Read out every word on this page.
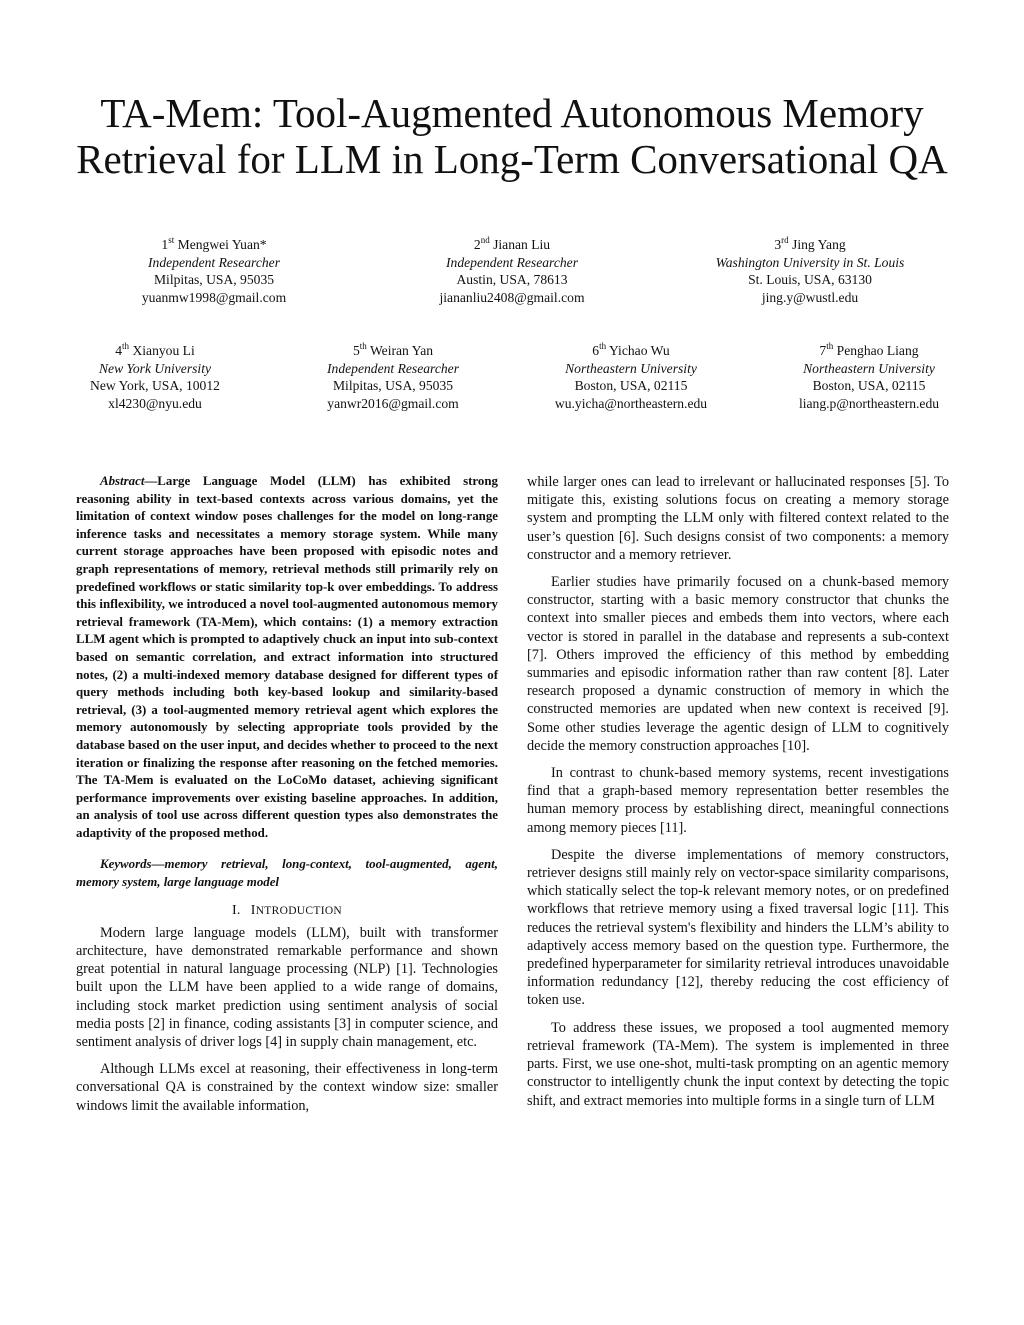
TA-Mem: Tool-Augmented Autonomous Memory
Retrieval for LLM in Long-Term Conversational QA
1st Mengwei Yuan*
Independent Researcher
Milpitas, USA, 95035
yuanmw1998@gmail.com
2nd Jianan Liu
Independent Researcher
Austin, USA, 78613
jiananliu2408@gmail.com
3rd Jing Yang
Washington University in St. Louis
St. Louis, USA, 63130
jing.y@wustl.edu
4th Xianyou Li
New York University
New York, USA, 10012
xl4230@nyu.edu
5th Weiran Yan
Independent Researcher
Milpitas, USA, 95035
yanwr2016@gmail.com
6th Yichao Wu
Northeastern University
Boston, USA, 02115
wu.yicha@northeastern.edu
7th Penghao Liang
Northeastern University
Boston, USA, 02115
liang.p@northeastern.edu

Abstract—Large Language Model (LLM) has exhibited strong reasoning ability in text-based contexts across various domains, yet the limitation of context window poses challenges for the model on long-range inference tasks and necessitates a memory storage system. While many current storage approaches have been proposed with episodic notes and graph representations of memory, retrieval methods still primarily rely on predefined workflows or static similarity top-k over embeddings. To address this inflexibility, we introduced a novel tool-augmented autonomous memory retrieval framework (TA-Mem), which contains: (1) a memory extraction LLM agent which is prompted to adaptively chuck an input into sub-context based on semantic correlation, and extract information into structured notes, (2) a multi-indexed memory database designed for different types of query methods including both key-based lookup and similarity-based retrieval, (3) a tool-augmented memory retrieval agent which explores the memory autonomously by selecting appropriate tools provided by the database based on the user input, and decides whether to proceed to the next iteration or finalizing the response after reasoning on the fetched memories. The TA-Mem is evaluated on the LoCoMo dataset, achieving significant performance improvements over existing baseline approaches. In addition, an analysis of tool use across different question types also demonstrates the adaptivity of the proposed method.

Keywords—memory retrieval, long-context, tool-augmented, agent, memory system, large language model

I. INTRODUCTION

Modern large language models (LLM), built with transformer architecture, have demonstrated remarkable performance and shown great potential in natural language processing (NLP) [1]. Technologies built upon the LLM have been applied to a wide range of domains, including stock market prediction using sentiment analysis of social media posts [2] in finance, coding assistants [3] in computer science, and sentiment analysis of driver logs [4] in supply chain management, etc.

Although LLMs excel at reasoning, their effectiveness in long-term conversational QA is constrained by the context window size: smaller windows limit the available information,

while larger ones can lead to irrelevant or hallucinated responses [5]. To mitigate this, existing solutions focus on creating a memory storage system and prompting the LLM only with filtered context related to the user’s question [6]. Such designs consist of two components: a memory constructor and a memory retriever.

Earlier studies have primarily focused on a chunk-based memory constructor, starting with a basic memory constructor that chunks the context into smaller pieces and embeds them into vectors, where each vector is stored in parallel in the database and represents a sub-context [7]. Others improved the efficiency of this method by embedding summaries and episodic information rather than raw content [8]. Later research proposed a dynamic construction of memory in which the constructed memories are updated when new context is received [9]. Some other studies leverage the agentic design of LLM to cognitively decide the memory construction approaches [10].

In contrast to chunk-based memory systems, recent investigations find that a graph-based memory representation better resembles the human memory process by establishing direct, meaningful connections among memory pieces [11].

Despite the diverse implementations of memory constructors, retriever designs still mainly rely on vector-space similarity comparisons, which statically select the top-k relevant memory notes, or on predefined workflows that retrieve memory using a fixed traversal logic [11]. This reduces the retrieval system's flexibility and hinders the LLM’s ability to adaptively access memory based on the question type. Furthermore, the predefined hyperparameter for similarity retrieval introduces unavoidable information redundancy [12], thereby reducing the cost efficiency of token use.

To address these issues, we proposed a tool augmented memory retrieval framework (TA-Mem). The system is implemented in three parts. First, we use one-shot, multi-task prompting on an agentic memory constructor to intelligently chunk the input context by detecting the topic shift, and extract memories into multiple forms in a single turn of LLM
